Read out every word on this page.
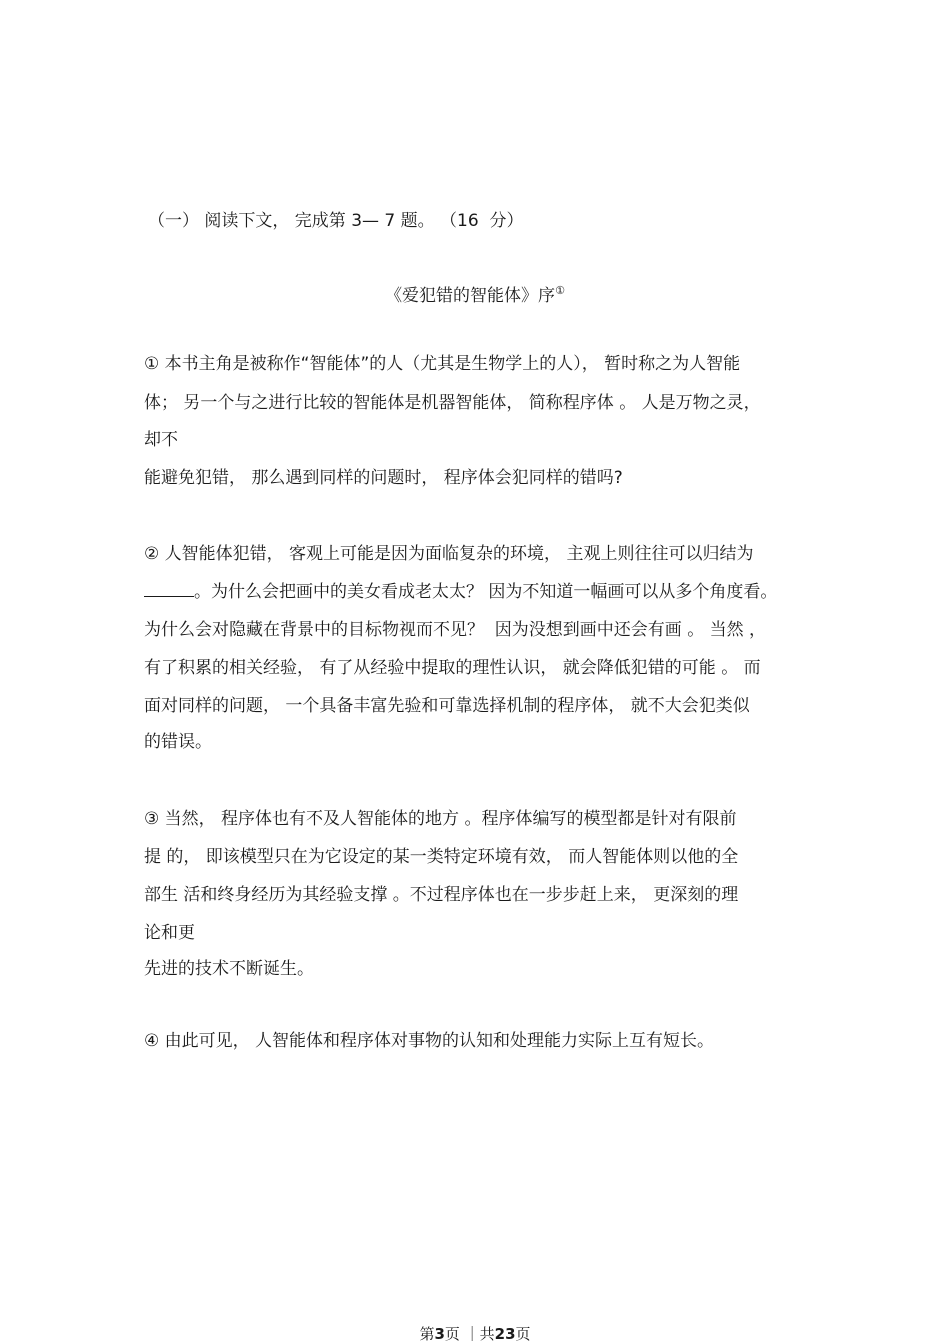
（一） 阅读下文， 完成第 3— 7 题。 （16  分）
《爱犯错的智能体》序①
① 本书主角是被称作“智能体”的人（尤其是生物学上的人）， 暂时称之为人智能
体； 另一个与之进行比较的智能体是机器智能体， 简称程序体 。 人是万物之灵，
却不
能避免犯错， 那么遇到同样的问题时， 程序体会犯同样的错吗?
② 人智能体犯错， 客观上可能是因为面临复杂的环境， 主观上则往往可以归结为
。为什么会把画中的美女看成老太太？ 因为不知道一幅画可以从多个角度看。
为什么会对隐藏在背景中的目标物视而不见？  因为没想到画中还会有画 。 当然 ，
有了积累的相关经验， 有了从经验中提取的理性认识， 就会降低犯错的可能 。 而
面对同样的问题， 一个具备丰富先验和可靠选择机制的程序体， 就不大会犯类似
的错误。
③ 当然， 程序体也有不及人智能体的地方 。程序体编写的模型都是针对有限前
提 的， 即该模型只在为它设定的某一类特定环境有效， 而人智能体则以他的全
部生 活和终身经历为其经验支撑 。不过程序体也在一步步赶上来， 更深刻的理
论和更
先进的技术不断诞生。
④ 由此可见， 人智能体和程序体对事物的认知和处理能力实际上互有短长。
第3页 ｜共23页
